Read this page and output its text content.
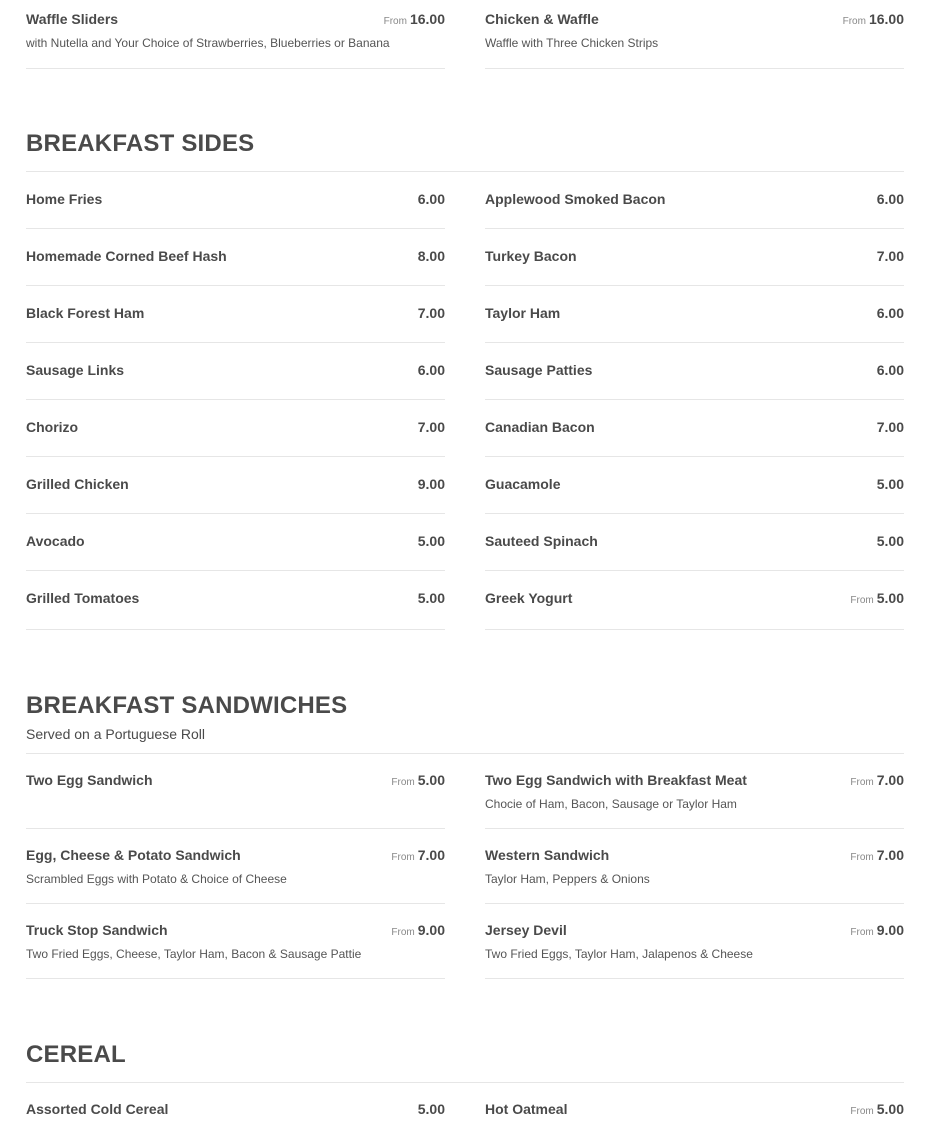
Waffle Sliders	From 16.00
with Nutella and Your Choice of Strawberries, Blueberries or Banana
Chicken & Waffle	From 16.00
Waffle with Three Chicken Strips
BREAKFAST SIDES
Home Fries	6.00
Homemade Corned Beef Hash	8.00
Black Forest Ham	7.00
Sausage Links	6.00
Chorizo	7.00
Grilled Chicken	9.00
Avocado	5.00
Grilled Tomatoes	5.00
Applewood Smoked Bacon	6.00
Turkey Bacon	7.00
Taylor Ham	6.00
Sausage Patties	6.00
Canadian Bacon	7.00
Guacamole	5.00
Sauteed Spinach	5.00
Greek Yogurt	From 5.00
BREAKFAST SANDWICHES
Served on a Portuguese Roll
Two Egg Sandwich	From 5.00
Egg, Cheese & Potato Sandwich	From 7.00
Scrambled Eggs with Potato & Choice of Cheese
Truck Stop Sandwich	From 9.00
Two Fried Eggs, Cheese, Taylor Ham, Bacon & Sausage Pattie
Two Egg Sandwich with Breakfast Meat	From 7.00
Chocie of Ham, Bacon, Sausage or Taylor Ham
Western Sandwich	From 7.00
Taylor Ham, Peppers & Onions
Jersey Devil	From 9.00
Two Fried Eggs, Taylor Ham, Jalapenos & Cheese
CEREAL
Assorted Cold Cereal	5.00	Hot Oatmeal	From 5.00
